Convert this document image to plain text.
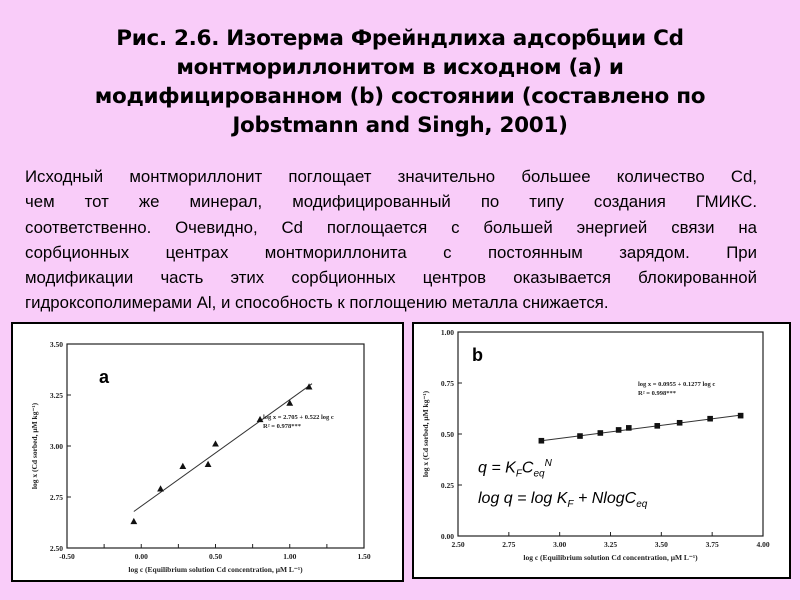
Рис. 2.6. Изотерма Фрейндлиха адсорбции Cd
монтмориллонитом в исходном (a) и
модифицированном (b) состоянии (составлено по
Jobstmann and Singh, 2001)
Исходный монтмориллонит поглощает значительно большее количество Cd,
чем тот же минерал, модифицированный по типу создания ГМИКС.
соответственно. Очевидно, Cd поглощается с большей энергией связи на
сорбционных центрах монтмориллонита с постоянным зарядом. При
модификации часть этих сорбционных центров оказывается блокированной
гидроксополимерами Al, и способность к поглощению металла снижается.
-0.50	0.00	0.50	1.00	1.50
2.50
2.75
3.00
3.25
3.50
log c (Equilibrium solution Cd concentration, μM L⁻¹)
log x (Cd sorbed, μM kg⁻¹)
a
log x = 2.705 + 0.522 log c
R² = 0.978***
2.50	2.75	3.00	3.25	3.50	3.75	4.00
0.00
0.25
0.50
0.75
1.00
log c (Equilibrium solution Cd concentration, μM L⁻¹)
log x (Cd sorbed, μM kg⁻¹)
b
log x = 0.0955 + 0.1277 log c
R² = 0.998***
$q = K_FC_{eq}^N$
$\log q = \log K_F + NlogC_{eq}$
